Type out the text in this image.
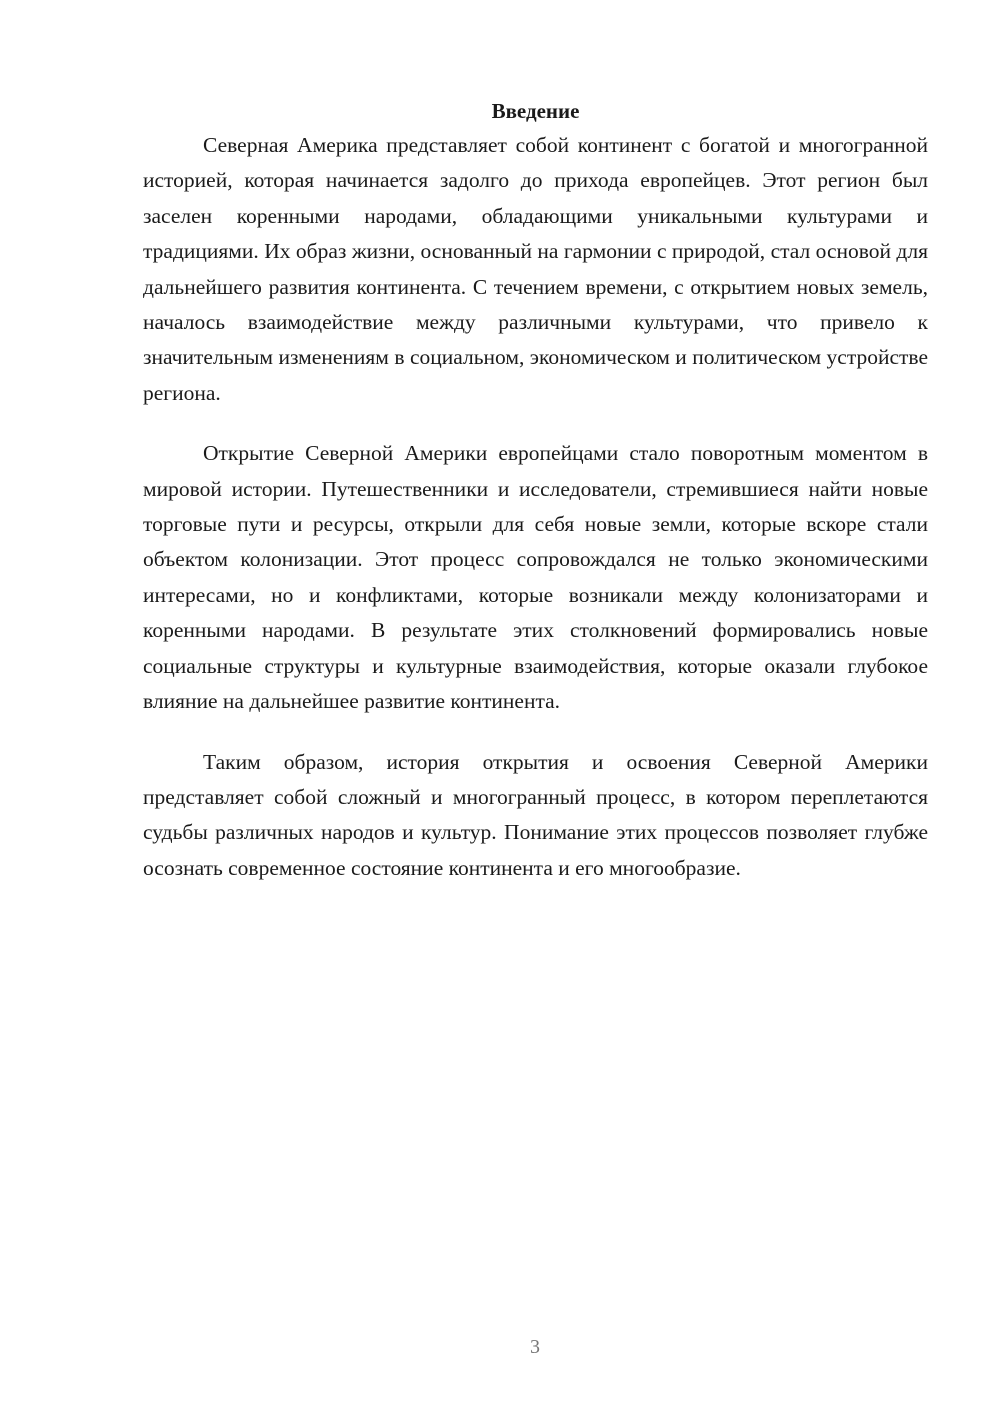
Введение

Северная Америка представляет собой континент с богатой и многогранной историей, которая начинается задолго до прихода европейцев. Этот регион был заселен коренными народами, обладающими уникальными культурами и традициями. Их образ жизни, основанный на гармонии с природой, стал основой для дальнейшего развития континента. С течением времени, с открытием новых земель, началось взаимодействие между различными культурами, что привело к значительным изменениям в социальном, экономическом и политическом устройстве региона.

Открытие Северной Америки европейцами стало поворотным моментом в мировой истории. Путешественники и исследователи, стремившиеся найти новые торговые пути и ресурсы, открыли для себя новые земли, которые вскоре стали объектом колонизации. Этот процесс сопровождался не только экономическими интересами, но и конфликтами, которые возникали между колонизаторами и коренными народами. В результате этих столкновений формировались новые социальные структуры и культурные взаимодействия, которые оказали глубокое влияние на дальнейшее развитие континента.

Таким образом, история открытия и освоения Северной Америки представляет собой сложный и многогранный процесс, в котором переплетаются судьбы различных народов и культур. Понимание этих процессов позволяет глубже осознать современное состояние континента и его многообразие.

3
